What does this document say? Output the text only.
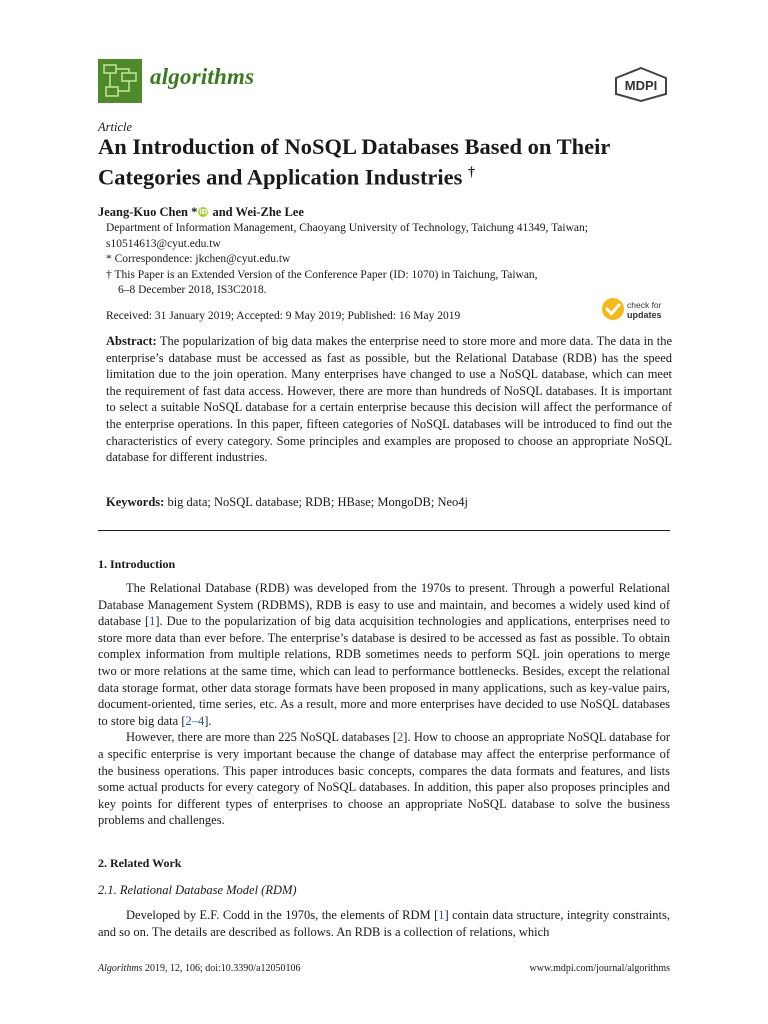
algorithms	MDPI
Article
An Introduction of NoSQL Databases Based on Their Categories and Application Industries †
Jeang-Kuo Chen * iD and Wei-Zhe Lee
Department of Information Management, Chaoyang University of Technology, Taichung 41349, Taiwan;
s10514613@cyut.edu.tw
* Correspondence: jkchen@cyut.edu.tw
† This Paper is an Extended Version of the Conference Paper (ID: 1070) in Taichung, Taiwan,
6–8 December 2018, IS3C2018.
check for
updates
Received: 31 January 2019; Accepted: 9 May 2019; Published: 16 May 2019
Abstract: The popularization of big data makes the enterprise need to store more and more data. The data in the enterprise’s database must be accessed as fast as possible, but the Relational Database (RDB) has the speed limitation due to the join operation. Many enterprises have changed to use a NoSQL database, which can meet the requirement of fast data access. However, there are more than hundreds of NoSQL databases. It is important to select a suitable NoSQL database for a certain enterprise because this decision will affect the performance of the enterprise operations. In this paper, fifteen categories of NoSQL databases will be introduced to find out the characteristics of every category. Some principles and examples are proposed to choose an appropriate NoSQL database for different industries.
Keywords: big data; NoSQL database; RDB; HBase; MongoDB; Neo4j
1. Introduction

The Relational Database (RDB) was developed from the 1970s to present. Through a powerful Relational Database Management System (RDBMS), RDB is easy to use and maintain, and becomes a widely used kind of database [1]. Due to the popularization of big data acquisition technologies and applications, enterprises need to store more data than ever before. The enterprise’s database is desired to be accessed as fast as possible. To obtain complex information from multiple relations, RDB sometimes needs to perform SQL join operations to merge two or more relations at the same time, which can lead to performance bottlenecks. Besides, except the relational data storage format, other data storage formats have been proposed in many applications, such as key-value pairs, document-oriented, time series, etc. As a result, more and more enterprises have decided to use NoSQL databases to store big data [2–4].

However, there are more than 225 NoSQL databases [2]. How to choose an appropriate NoSQL database for a specific enterprise is very important because the change of database may affect the enterprise performance of the business operations. This paper introduces basic concepts, compares the data formats and features, and lists some actual products for every category of NoSQL databases. In addition, this paper also proposes principles and key points for different types of enterprises to choose an appropriate NoSQL database to solve the business problems and challenges.

2. Related Work
2.1. Relational Database Model (RDM)

Developed by E.F. Codd in the 1970s, the elements of RDM [1] contain data structure, integrity constraints, and so on. The details are described as follows. An RDB is a collection of relations, which

Algorithms 2019, 12, 106; doi:10.3390/a12050106	www.mdpi.com/journal/algorithms
